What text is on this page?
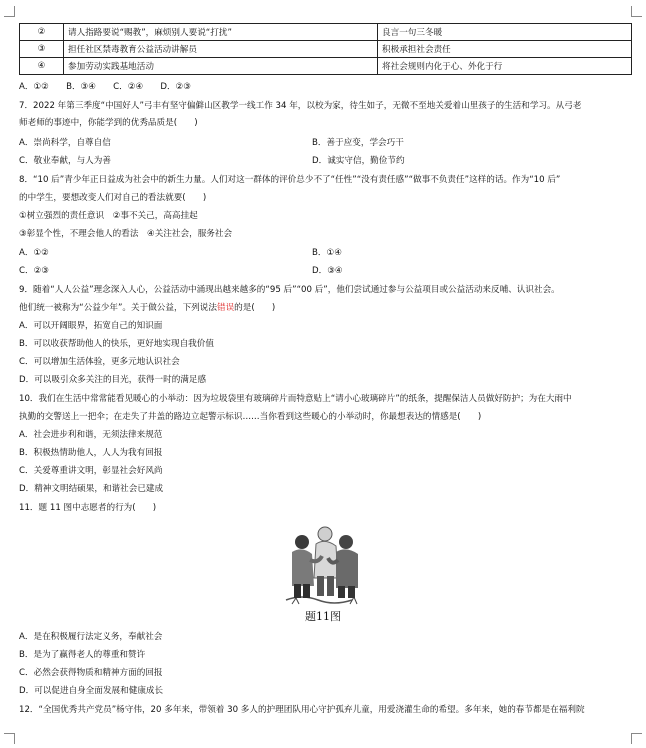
②	请人指路要说“赐教”，麻烦别人要说“打扰”	良言一句三冬暖
③	担任社区禁毒教育公益活动讲解员	积极承担社会责任
④	参加劳动实践基地活动	将社会规则内化于心、外化于行
A．①②　　B．③④　　C．②④　　D．②③
7．2022 年第三季度“中国好人”弓丰有坚守偏僻山区教学一线工作 34 年，以校为家，待生如子，无微不至地关爱着山里孩子的生活和学习。从弓老
师老师的事迹中，你能学到的优秀品质是(　　)
A．崇尚科学，自尊自信	B．善于应变，学会巧干
C．敬业奉献，与人为善	D．诚实守信，勤俭节约
8．“10 后”青少年正日益成为社会中的新生力量。人们对这一群体的评价总少不了“任性”“没有责任感”“做事不负责任”这样的话。作为“10 后”
的中学生，要想改变人们对自己的看法就要(　　)
①树立强烈的责任意识　②事不关己，高高挂起
③彰显个性，不理会他人的看法　④关注社会，服务社会
A．①②	B．①④
C．②③	D．③④
9．随着“人人公益”理念深入人心，公益活动中涌现出越来越多的“95 后”“00 后”，他们尝试通过参与公益项目或公益活动来反哺、认识社会。
他们统一被称为“公益少年”。关于做公益，下列说法错误的是(　　)
A．可以开阔眼界，拓宽自己的知识面
B．可以收获帮助他人的快乐，更好地实现自我价值
C．可以增加生活体验，更多元地认识社会
D．可以吸引众多关注的目光，获得一时的满足感
10．我们在生活中常常能看见暖心的小举动：因为垃圾袋里有玻璃碎片而特意贴上“请小心玻璃碎片”的纸条，提醒保洁人员做好防护；为在大雨中
执勤的交警送上一把伞；在走失了井盖的路边立起警示标识……当你看到这些暖心的小举动时，你最想表达的情感是(　　)
A．社会进步利和谐，无须法律来规范
B．积极热情助他人，人人为我有回报
C．关爱尊重讲文明，彰显社会好风尚
D．精神文明结硕果，和谐社会已建成
11．题 11 图中志愿者的行为(　　)
题11图
A．是在积极履行法定义务，奉献社会
B．是为了赢得老人的尊重和赞许
C．必然会获得物质和精神方面的回报
D．可以促进自身全面发展和健康成长
12．“全国优秀共产党员”杨守伟，20 多年来，带领着 30 多人的护理团队用心守护孤弃儿童，用爱浇灌生命的希望。多年来，她的春节都是在福利院
